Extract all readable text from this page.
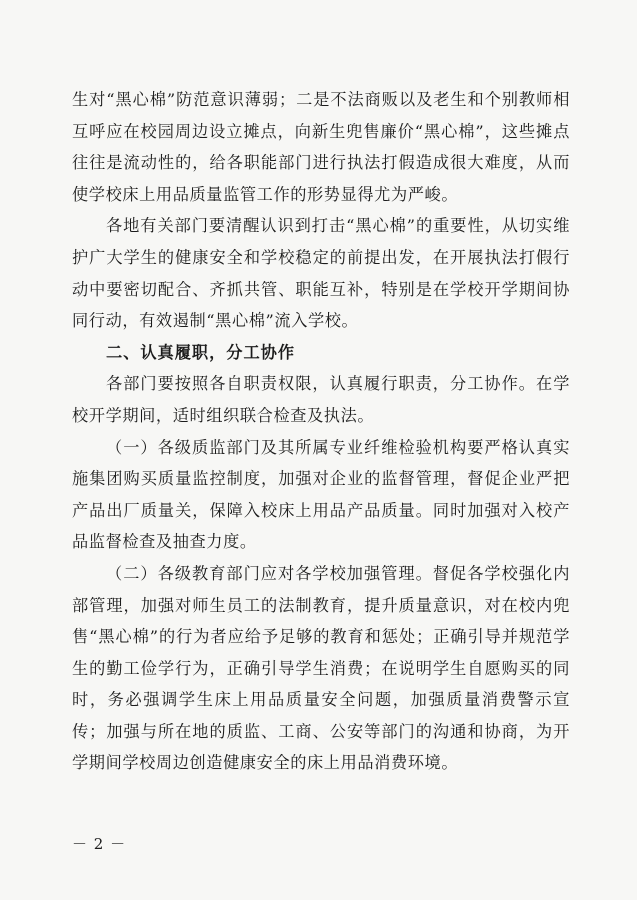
生对“黑心棉”防范意识薄弱；二是不法商贩以及老生和个别教师相互呼应在校园周边设立摊点，向新生兜售廉价“黑心棉”，这些摊点往往是流动性的，给各职能部门进行执法打假造成很大难度，从而使学校床上用品质量监管工作的形势显得尤为严峻。

各地有关部门要清醒认识到打击“黑心棉”的重要性，从切实维护广大学生的健康安全和学校稳定的前提出发，在开展执法打假行动中要密切配合、齐抓共管、职能互补，特别是在学校开学期间协同行动，有效遏制“黑心棉”流入学校。

二、认真履职，分工协作

各部门要按照各自职责权限，认真履行职责，分工协作。在学校开学期间，适时组织联合检查及执法。

（一）各级质监部门及其所属专业纤维检验机构要严格认真实施集团购买质量监控制度，加强对企业的监督管理，督促企业严把产品出厂质量关，保障入校床上用品产品质量。同时加强对入校产品监督检查及抽查力度。

（二）各级教育部门应对各学校加强管理。督促各学校强化内部管理，加强对师生员工的法制教育，提升质量意识，对在校内兜售“黑心棉”的行为者应给予足够的教育和惩处；正确引导并规范学生的勤工俭学行为，正确引导学生消费；在说明学生自愿购买的同时，务必强调学生床上用品质量安全问题，加强质量消费警示宣传；加强与所在地的质监、工商、公安等部门的沟通和协商，为开学期间学校周边创造健康安全的床上用品消费环境。

－ 2 －
